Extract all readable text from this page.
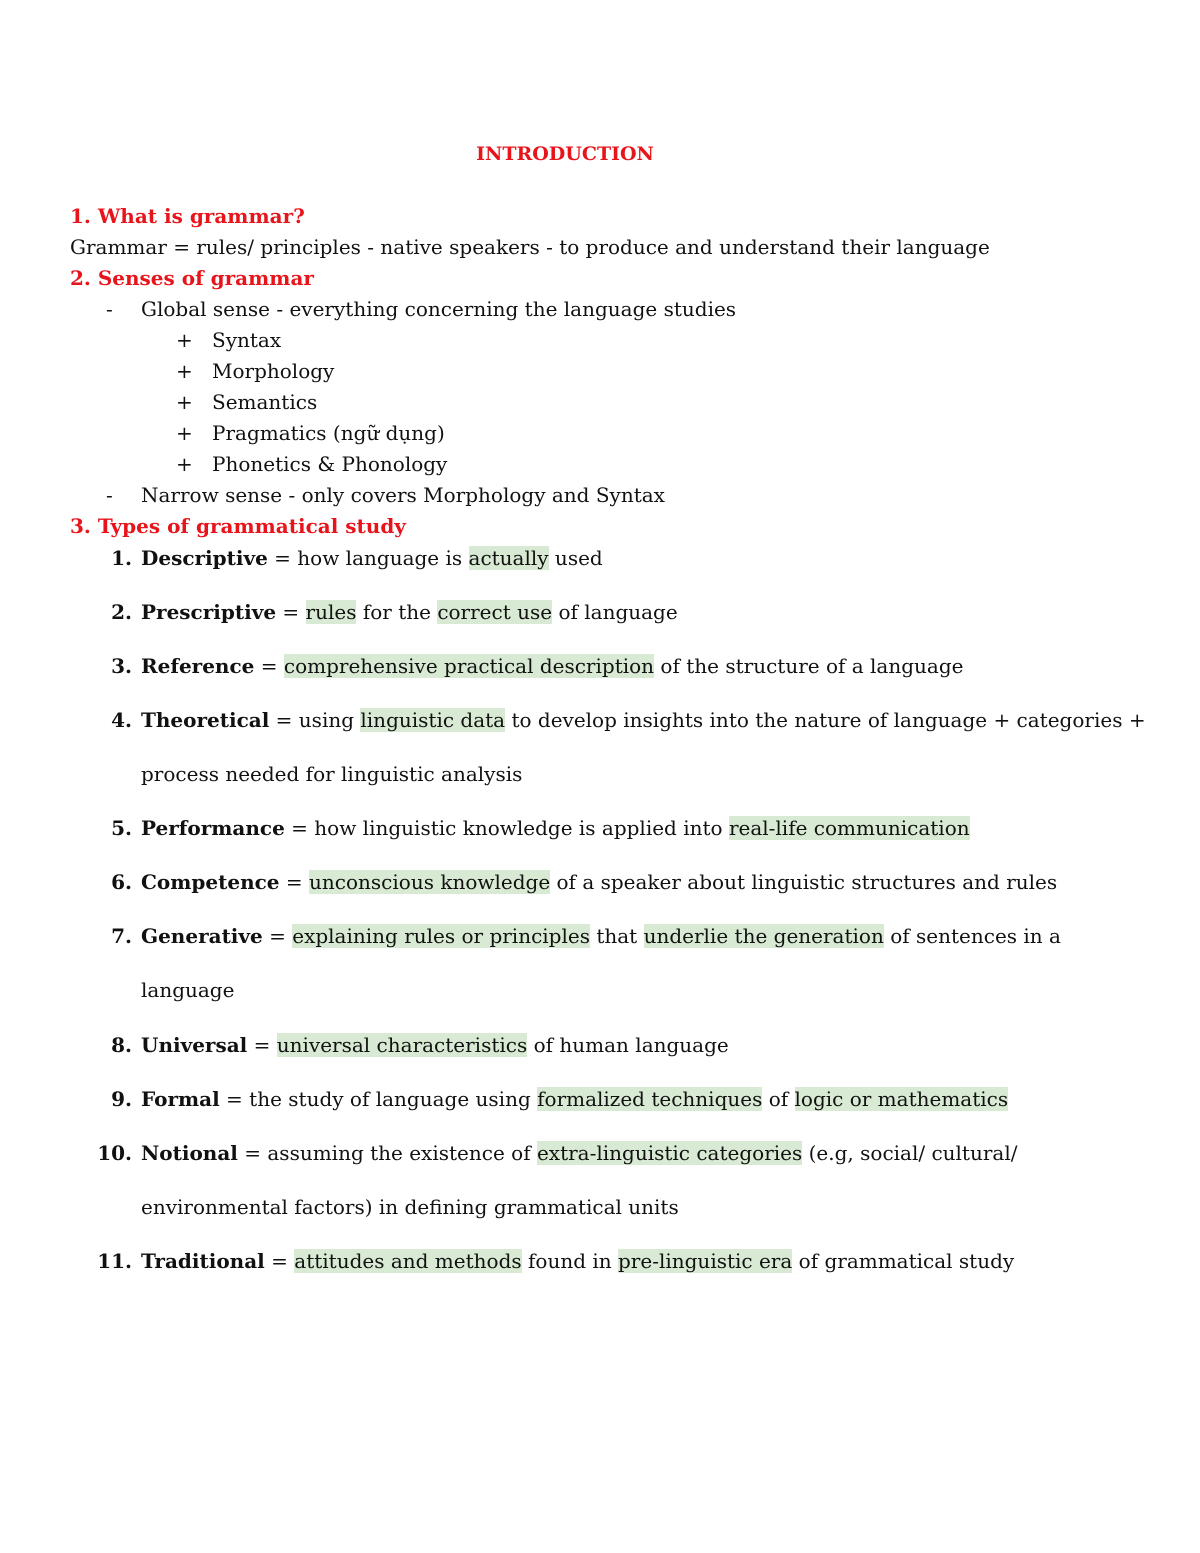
INTRODUCTION
1. What is grammar?
Grammar = rules/ principles - native speakers - to produce and understand their language
2. Senses of grammar
- Global sense - everything concerning the language studies
+ Syntax
+ Morphology
+ Semantics
+ Pragmatics (ngữ dụng)
+ Phonetics & Phonology
- Narrow sense - only covers Morphology and Syntax
3. Types of grammatical study
1. Descriptive = how language is actually used
2. Prescriptive = rules for the correct use of language
3. Reference = comprehensive practical description of the structure of a language
4. Theoretical = using linguistic data to develop insights into the nature of language + categories +
process needed for linguistic analysis
5. Performance = how linguistic knowledge is applied into real-life communication
6. Competence = unconscious knowledge of a speaker about linguistic structures and rules
7. Generative = explaining rules or principles that underlie the generation of sentences in a
language
8. Universal = universal characteristics of human language
9. Formal = the study of language using formalized techniques of logic or mathematics
10. Notional = assuming the existence of extra-linguistic categories (e.g, social/ cultural/
environmental factors) in defining grammatical units
11. Traditional = attitudes and methods found in pre-linguistic era of grammatical study
